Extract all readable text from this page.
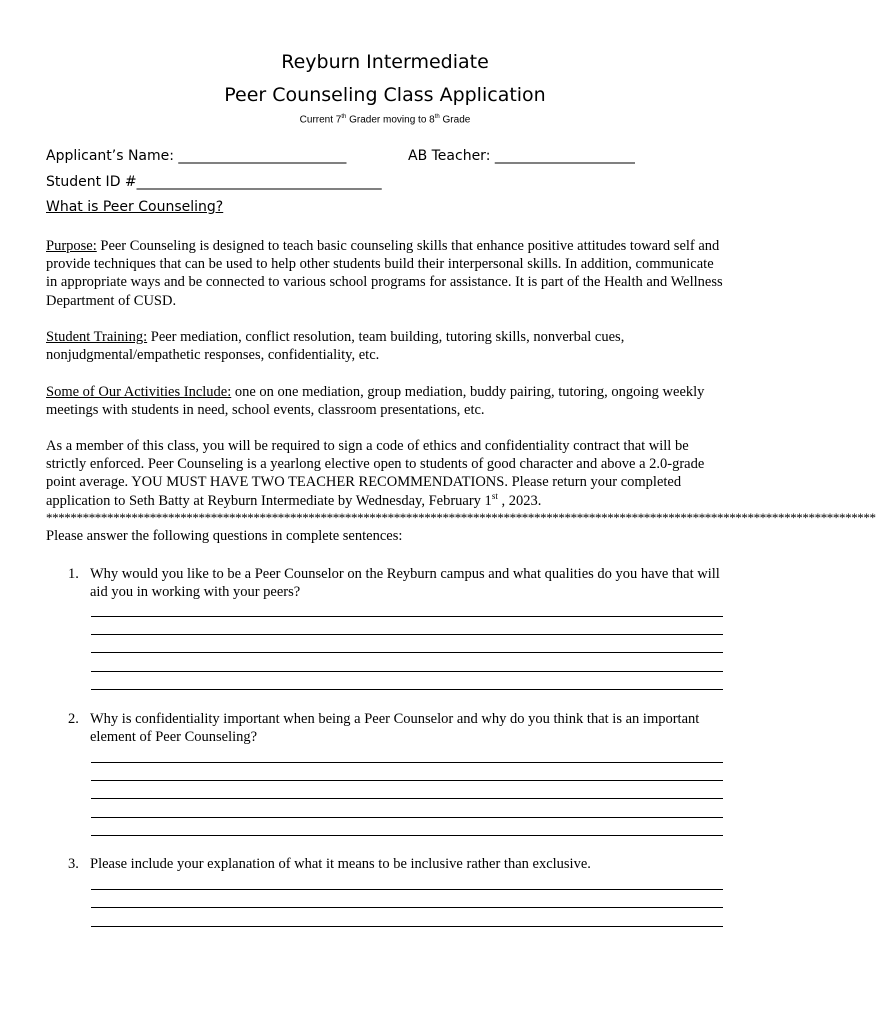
Reyburn Intermediate
Peer Counseling Class Application
Current 7th Grader moving to 8th Grade
Applicant’s Name: ________________________	AB Teacher: ____________________
Student ID #___________________________________
What is Peer Counseling?
Purpose: Peer Counseling is designed to teach basic counseling skills that enhance positive attitudes toward self and provide techniques that can be used to help other students build their interpersonal skills. In addition, communicate in appropriate ways and be connected to various school programs for assistance. It is part of the Health and Wellness Department of CUSD.
Student Training: Peer mediation, conflict resolution, team building, tutoring skills, nonverbal cues, nonjudgmental/empathetic responses, confidentiality, etc.
Some of Our Activities Include: one on one mediation, group mediation, buddy pairing, tutoring, ongoing weekly meetings with students in need, school events, classroom presentations, etc.
As a member of this class, you will be required to sign a code of ethics and confidentiality contract that will be strictly enforced. Peer Counseling is a yearlong elective open to students of good character and above a 2.0-grade point average. YOU MUST HAVE TWO TEACHER RECOMMENDATIONS. Please return your completed application to Seth Batty at Reyburn Intermediate by Wednesday, February 1st , 2023.
****************************************************************************************************************************************
Please answer the following questions in complete sentences:
1. Why would you like to be a Peer Counselor on the Reyburn campus and what qualities do you have that will aid you in working with your peers?
2. Why is confidentiality important when being a Peer Counselor and why do you think that is an important element of Peer Counseling?
3. Please include your explanation of what it means to be inclusive rather than exclusive.
